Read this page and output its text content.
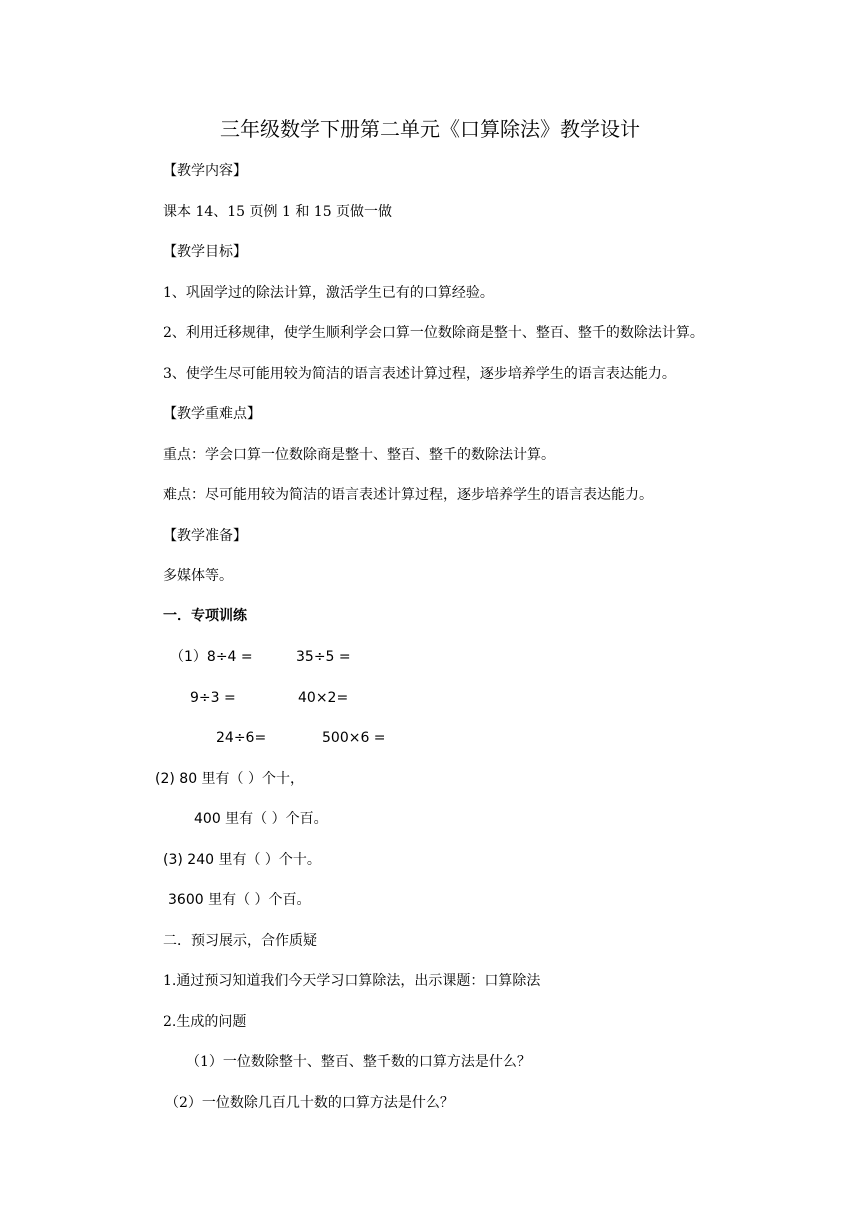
三年级数学下册第二单元《口算除法》教学设计
【教学内容】
课本 14、15 页例 1 和 15 页做一做
【教学目标】
1、巩固学过的除法计算，激活学生已有的口算经验。
2、利用迁移规律，使学生顺利学会口算一位数除商是整十、整百、整千的数除法计算。
3、使学生尽可能用较为简洁的语言表述计算过程，逐步培养学生的语言表达能力。
【教学重难点】
重点：学会口算一位数除商是整十、整百、整千的数除法计算。
难点：尽可能用较为简洁的语言表述计算过程，逐步培养学生的语言表达能力。
【教学准备】
多媒体等。
一．专项训练
（1）8÷4 =	35÷5 =
9÷3 =	40×2=
24÷6=	500×6 =
(2) 80 里有（ ）个十，
400 里有（ ）个百。
(3) 240 里有（ ）个十。
3600 里有（ ）个百。
二．预习展示，合作质疑
1.通过预习知道我们今天学习口算除法，出示课题：口算除法
2.生成的问题
（1）一位数除整十、整百、整千数的口算方法是什么？
（2）一位数除几百几十数的口算方法是什么？
